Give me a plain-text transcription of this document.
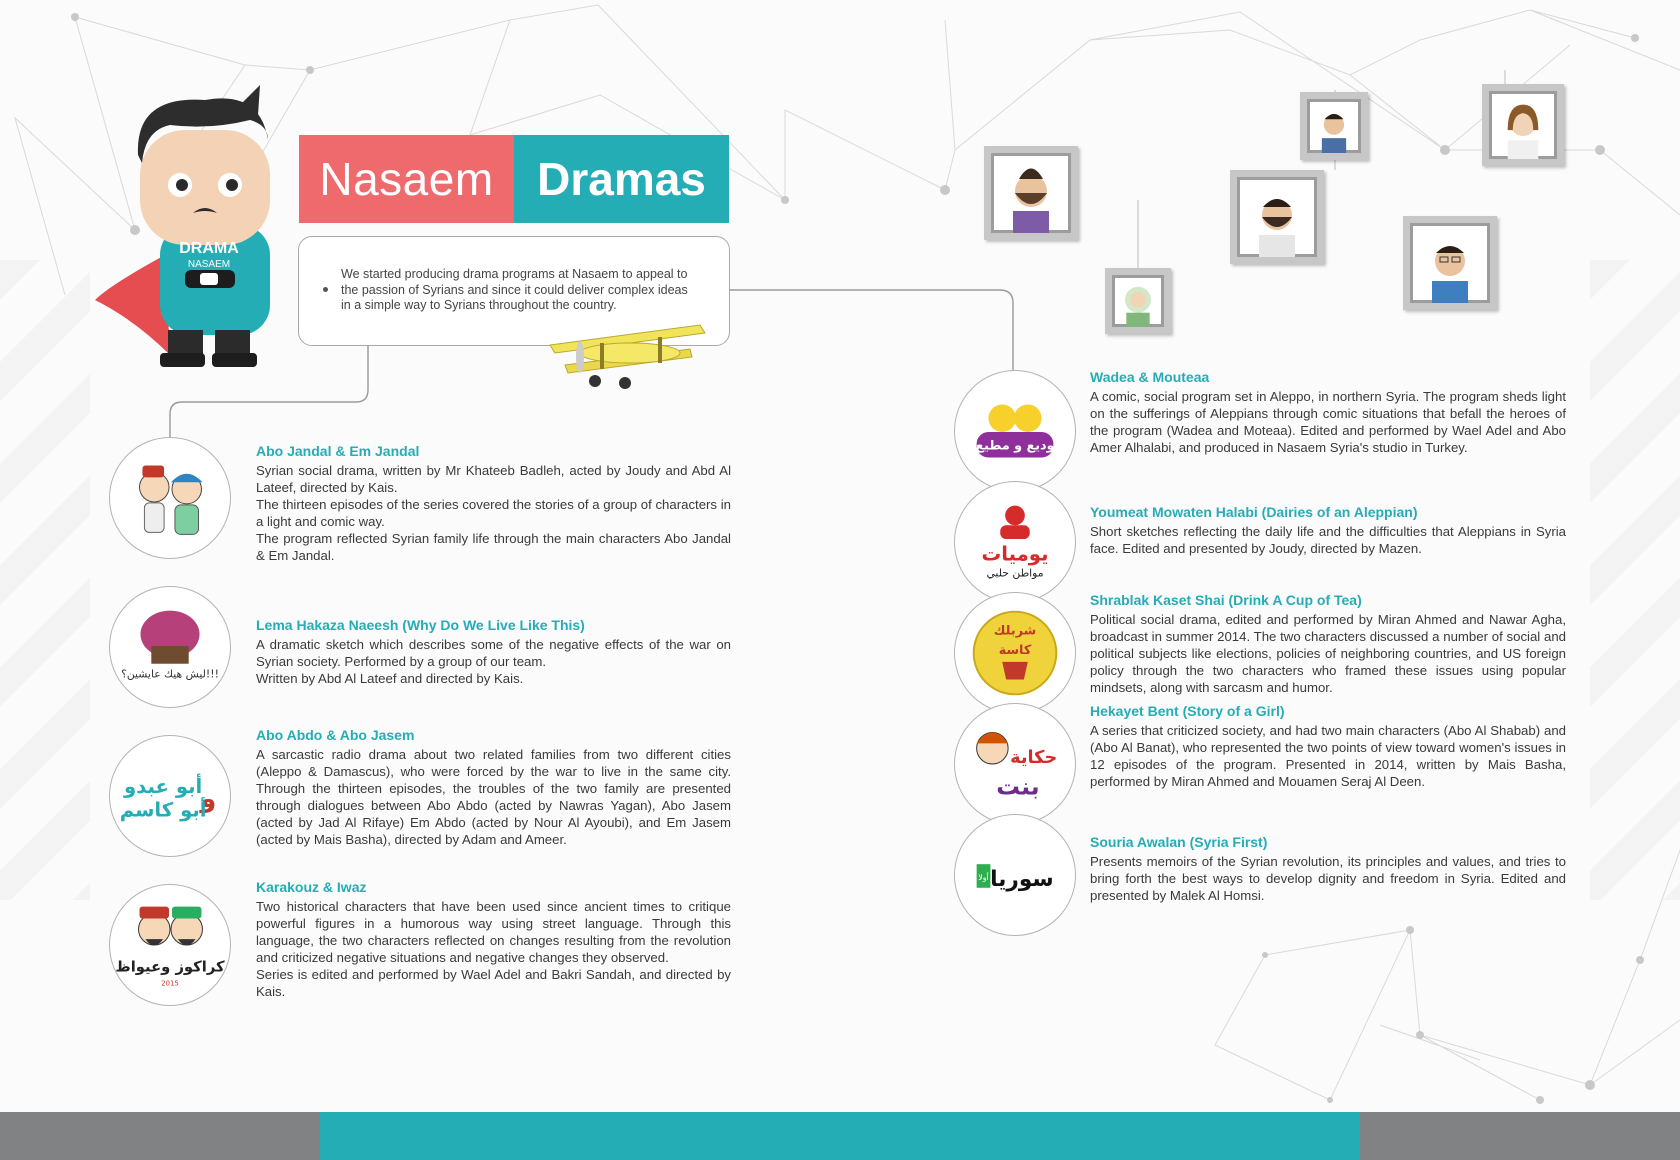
DRAMA
NASAEM
Nasaem Dramas
We started producing drama programs at Nasaem to appeal to the passion of Syrians and since it could deliver complex ideas in a simple way to Syrians throughout the country.
Abo Jandal & Em Jandal

Syrian social drama, written by Mr Khateeb Badleh, acted by Joudy and Abd Al Lateef, directed by Kais.

The thirteen episodes of the series covered the stories of a group of characters in a light and comic way.

The program reflected Syrian family life through the main characters Abo Jandal & Em Jandal.

ليش هيك عايشين؟!!!
Lema Hakaza Naeesh (Why Do We Live Like This)

A dramatic sketch which describes some of the negative effects of the war on Syrian society. Performed by a group of our team.

Written by Abd Al Lateef and directed by Kais.

أبو عبدو
و
أبو كاسم
Abo Abdo & Abo Jasem

A sarcastic radio drama about two related families from two different cities (Aleppo & Damascus), who were forced by the war to live in the same city. Through the thirteen episodes, the troubles of the two family are presented through dialogues between Abo Abdo (acted by Nawras Yagan), Abo Jasem (acted by Jad Al Rifaye) Em Abdo (acted by Nour Al Ayoubi), and Em Jasem (acted by Mais Basha), directed by Adam and Ameer.

كراكوز وعيواظ
2015
Karakouz & Iwaz

Two historical characters that have been used since ancient times to critique powerful figures in a humorous way using street language. Through this language, the two characters reflected on changes resulting from the revolution and criticized negative situations and negative changes they observed.

Series is edited and performed by Wael Adel and Bakri Sandah, and directed by Kais.

وديع و مطيع
Wadea & Mouteaa

A comic, social program set in Aleppo, in northern Syria. The program sheds light on the sufferings of Aleppians through comic situations that befall the heroes of the program (Wadea and Moteaa). Edited and performed by Wael Adel and Abo Amer Alhalabi, and produced in Nasaem Syria's studio in Turkey.

يوميات
مواطن حلبي
Youmeat Mowaten Halabi (Dairies of an Aleppian)

Short sketches reflecting the daily life and the difficulties that Aleppians in Syria face. Edited and presented by Joudy, directed by Mazen.

شربلك
كاسة
Shrablak Kaset Shai (Drink A Cup of Tea)

Political social drama, edited and performed by Miran Ahmed and Nawar Agha, broadcast in summer 2014. The two characters discussed a number of social and political subjects like elections, policies of neighboring countries, and US foreign policy through the two characters who framed these issues using popular mindsets, along with sarcasm and humor.

حكاية
بنت
Hekayet Bent (Story of a Girl)

A series that criticized society, and had two main characters (Abo Al Shabab) and (Abo Al Banat), who represented the two points of view toward women's issues in 12 episodes of the program. Presented in 2014, written by Mais Basha, performed by Miran Ahmed and Mouamen Seraj Al Deen.

أولا سوريا
Souria Awalan (Syria First)

Presents memoirs of the Syrian revolution, its principles and values, and tries to bring forth the best ways to develop dignity and freedom in Syria. Edited and presented by Malek Al Homsi.
